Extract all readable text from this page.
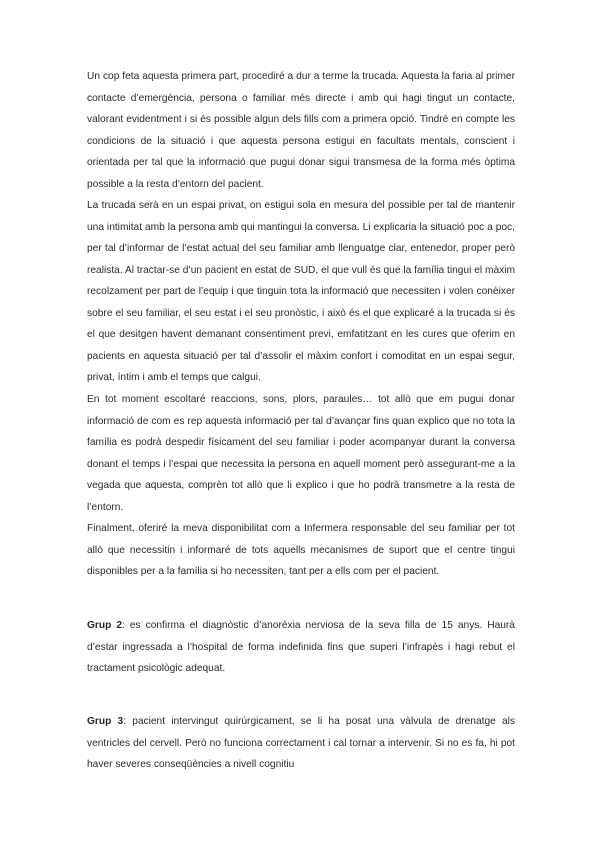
Un cop feta aquesta primera part, procediré a dur a terme la trucada. Aquesta la faria al primer contacte d’emergència, persona o familiar més directe i amb qui hagi tingut un contacte, valorant evidentment i si és possible algun dels fills com a primera opció. Tindré en compte les condicions de la situació i que aquesta persona estigui en facultats mentals, conscient i orientada per tal que la informació que pugui donar sigui transmesa de la forma més òptima possible a la resta d’entorn del pacient.

La trucada serà en un espai privat, on estigui sola en mesura del possible per tal de mantenir una intimitat amb la persona amb qui mantingui la conversa. Li explicaria la situació poc a poc, per tal d’informar de l’estat actual del seu familiar amb llenguatge clar, entenedor, proper però realista. Al tractar-se d’un pacient en estat de SUD, el que vull és que la família tingui el màxim recolzament per part de l’equip i que tinguin tota la informació que necessiten i volen conèixer sobre el seu familiar, el seu estat i el seu pronòstic, i això és el que explicaré a la trucada si és el que desitgen havent demanant consentiment previ, emfatitzant en les cures que oferim en pacients en aquesta situació per tal d’assolir el màxim confort i comoditat en un espai segur, privat, íntim i amb el temps que calgui.

En tot moment escoltaré reaccions, sons, plors, paraules… tot allò que em pugui donar informació de com es rep aquesta informació per tal d’avançar fins quan explico que no tota la família es podrà despedir físicament del seu familiar i poder acompanyar durant la conversa donant el temps i l’espai que necessita la persona en aquell moment però assegurant-me a la vegada que aquesta, comprèn tot allò que li explico i que ho podrà transmetre a la resta de l’entorn.

Finalment, oferiré la meva disponibilitat com a Infermera responsable del seu familiar per tot allò que necessitin i informaré de tots aquells mecanismes de suport que el centre tingui disponibles per a la família si ho necessiten, tant per a ells com per el pacient.

Grup 2: es confirma el diagnòstic d’anorèxia nerviosa de la seva filla de 15 anys. Haurà d’estar ingressada a l’hospital de forma indefinida fins que superi l’infrapès i hagi rebut el tractament psicològic adequat.

Grup 3: pacient intervingut quirúrgicament, se li ha posat una vàlvula de drenatge als ventricles del cervell. Però no funciona correctament i cal tornar a intervenir. Si no es fa, hi pot haver severes conseqüències a nivell cognitiu
